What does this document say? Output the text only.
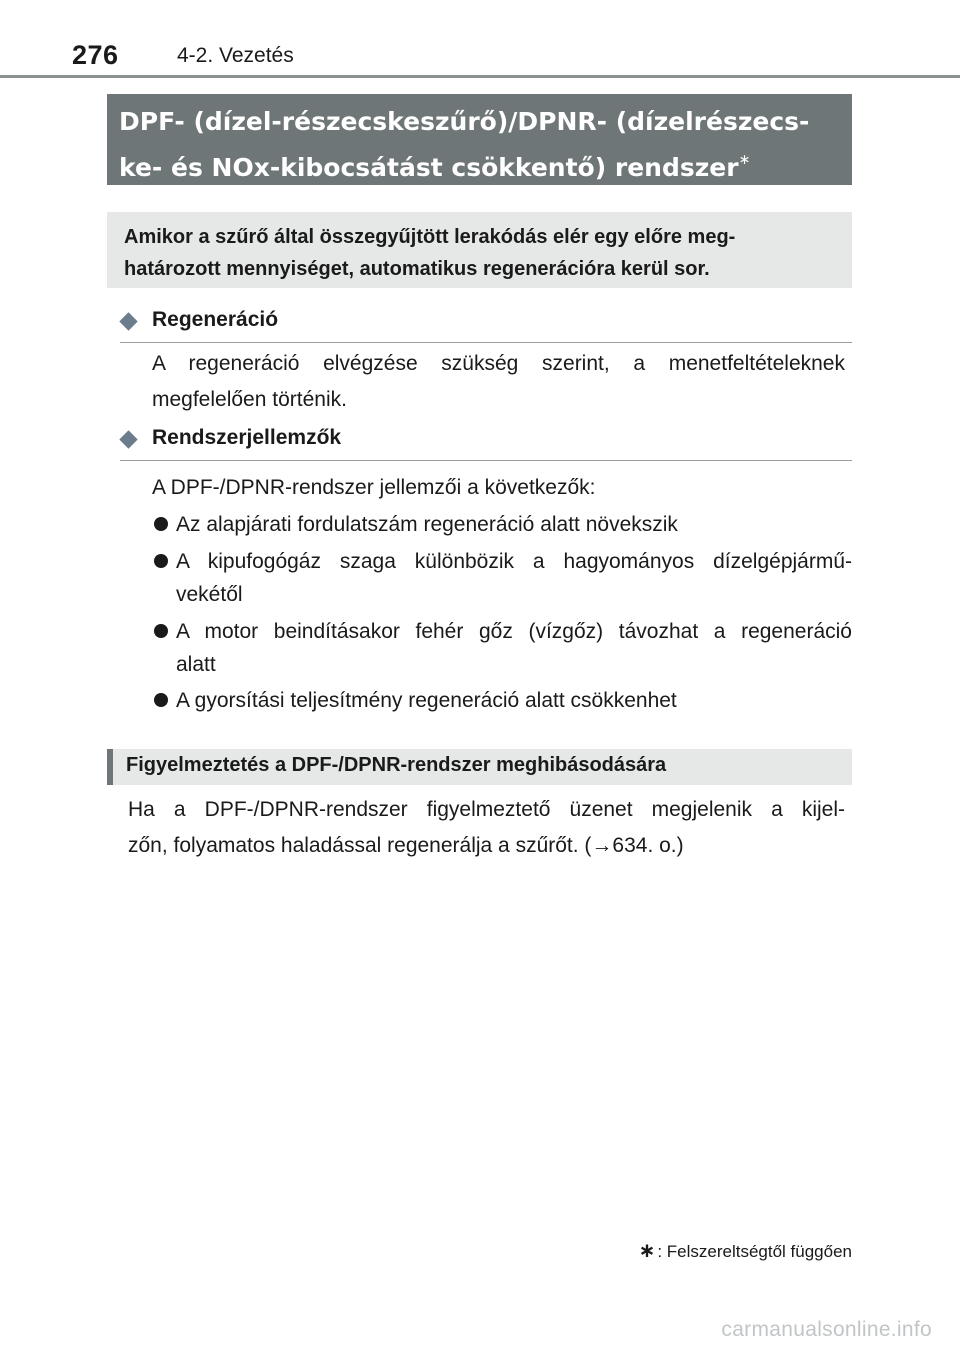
276	4-2. Vezetés
DPF- (dízel-részecskeszűrő)/DPNR- (dízelrészecs-
ke- és NOx-kibocsátást csökkentő) rendszer∗
Amikor a szűrő által összegyűjtött lerakódás elér egy előre meg-
határozott mennyiséget, automatikus regenerációra kerül sor.
Regeneráció
A regeneráció elvégzése szükség szerint, a menetfeltételeknek
megfelelően történik.
Rendszerjellemzők
A DPF-/DPNR-rendszer jellemzői a következők:
Az alapjárati fordulatszám regeneráció alatt növekszik
A kipufogógáz szaga különbözik a hagyományos dízelgépjármű-
vekétől
A motor beindításakor fehér gőz (vízgőz) távozhat a regeneráció
alatt
A gyorsítási teljesítmény regeneráció alatt csökkenhet
Figyelmeztetés a DPF-/DPNR-rendszer meghibásodására
Ha a DPF-/DPNR-rendszer figyelmeztető üzenet megjelenik a kijel-
zőn, folyamatos haladással regenerálja a szűrőt. (→634. o.)
∗ : Felszereltségtől függően
carmanualsonline.info
